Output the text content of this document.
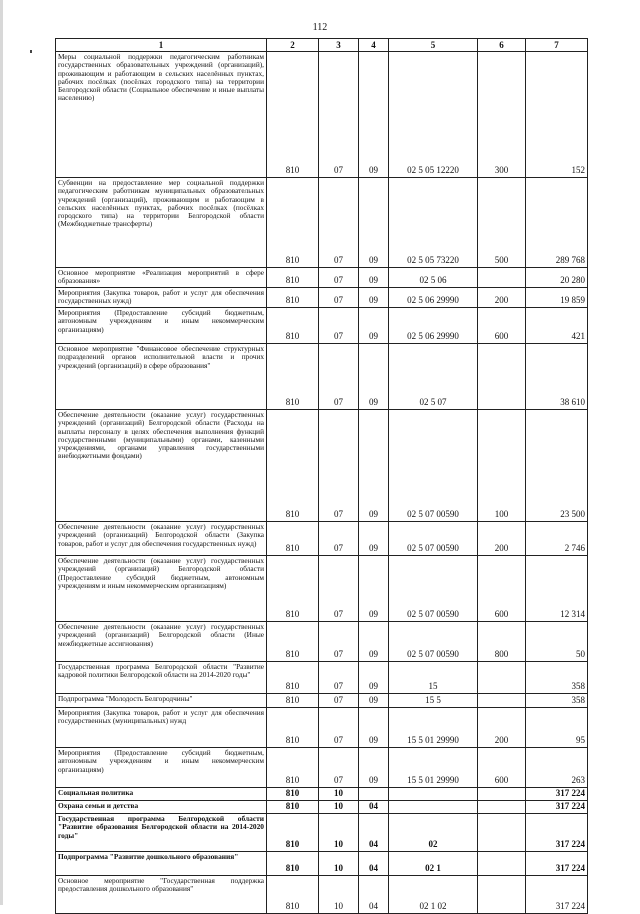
112
1	2	3	4	5	6	7
Меры социальной поддержки педагогическим работникам государственных образовательных учреждений (организаций), проживающим и работающим в сельских населённых пунктах, рабочих посёлках (посёлках городского типа) на территории Белгородской области (Социальное обеспечение и иные выплаты населению)	810	07	09	02 5 05 12220	300	152
Субвенции на предоставление мер социальной поддержки педагогическим работникам муниципальных образовательных учреждений (организаций), проживающим и работающим в сельских населённых пунктах, рабочих посёлках (посёлках городского типа) на территории Белгородской области (Межбюджетные трансферты)	810	07	09	02 5 05 73220	500	289 768
Основное мероприятие «Реализация мероприятий в сфере образования»	810	07	09	02 5 06		20 280
Мероприятия (Закупка товаров, работ и услуг для обеспечения государственных нужд)	810	07	09	02 5 06 29990	200	19 859
Мероприятия (Предоставление субсидий бюджетным, автономным учреждениям и иным некоммерческим организациям)	810	07	09	02 5 06 29990	600	421
Основное мероприятие "Финансовое обеспечение структурных подразделений органов исполнительной власти и прочих учреждений (организаций) в сфере образования"	810	07	09	02 5 07		38 610
Обеспечение деятельности (оказание услуг) государственных учреждений (организаций) Белгородской области (Расходы на выплаты персоналу в целях обеспечения выполнения функций государственными (муниципальными) органами, казенными учреждениями, органами управления государственными внебюджетными фондами)	810	07	09	02 5 07 00590	100	23 500
Обеспечение деятельности (оказание услуг) государственных учреждений (организаций) Белгородской области (Закупка товаров, работ и услуг для обеспечения государственных нужд)	810	07	09	02 5 07 00590	200	2 746
Обеспечение деятельности (оказание услуг) государственных учреждений (организаций) Белгородской области (Предоставление субсидий бюджетным, автономным учреждениям и иным некоммерческим организациям)	810	07	09	02 5 07 00590	600	12 314
Обеспечение деятельности (оказание услуг) государственных учреждений (организаций) Белгородской области (Иные межбюджетные ассигнования)	810	07	09	02 5 07 00590	800	50
Государственная программа Белгородской области "Развитие кадровой политики Белгородской области на 2014-2020 годы"	810	07	09	15		358
Подпрограмма "Молодость Белгородчины"	810	07	09	15 5		358
Мероприятия (Закупка товаров, работ и услуг для обеспечения государственных (муниципальных) нужд	810	07	09	15 5 01 29990	200	95
Мероприятия (Предоставление субсидий бюджетным, автономным учреждениям и иным некоммерческим организациям)	810	07	09	15 5 01 29990	600	263
Социальная политика	810	10				317 224
Охрана семьи и детства	810	10	04			317 224
Государственная программа Белгородской области "Развитие образования Белгородской области на 2014-2020 годы"	810	10	04	02		317 224
Подпрограмма "Развитие дошкольного образования"	810	10	04	02 1		317 224
Основное мероприятие "Государственная поддержка предоставления дошкольного образования"	810	10	04	02 1 02		317 224
